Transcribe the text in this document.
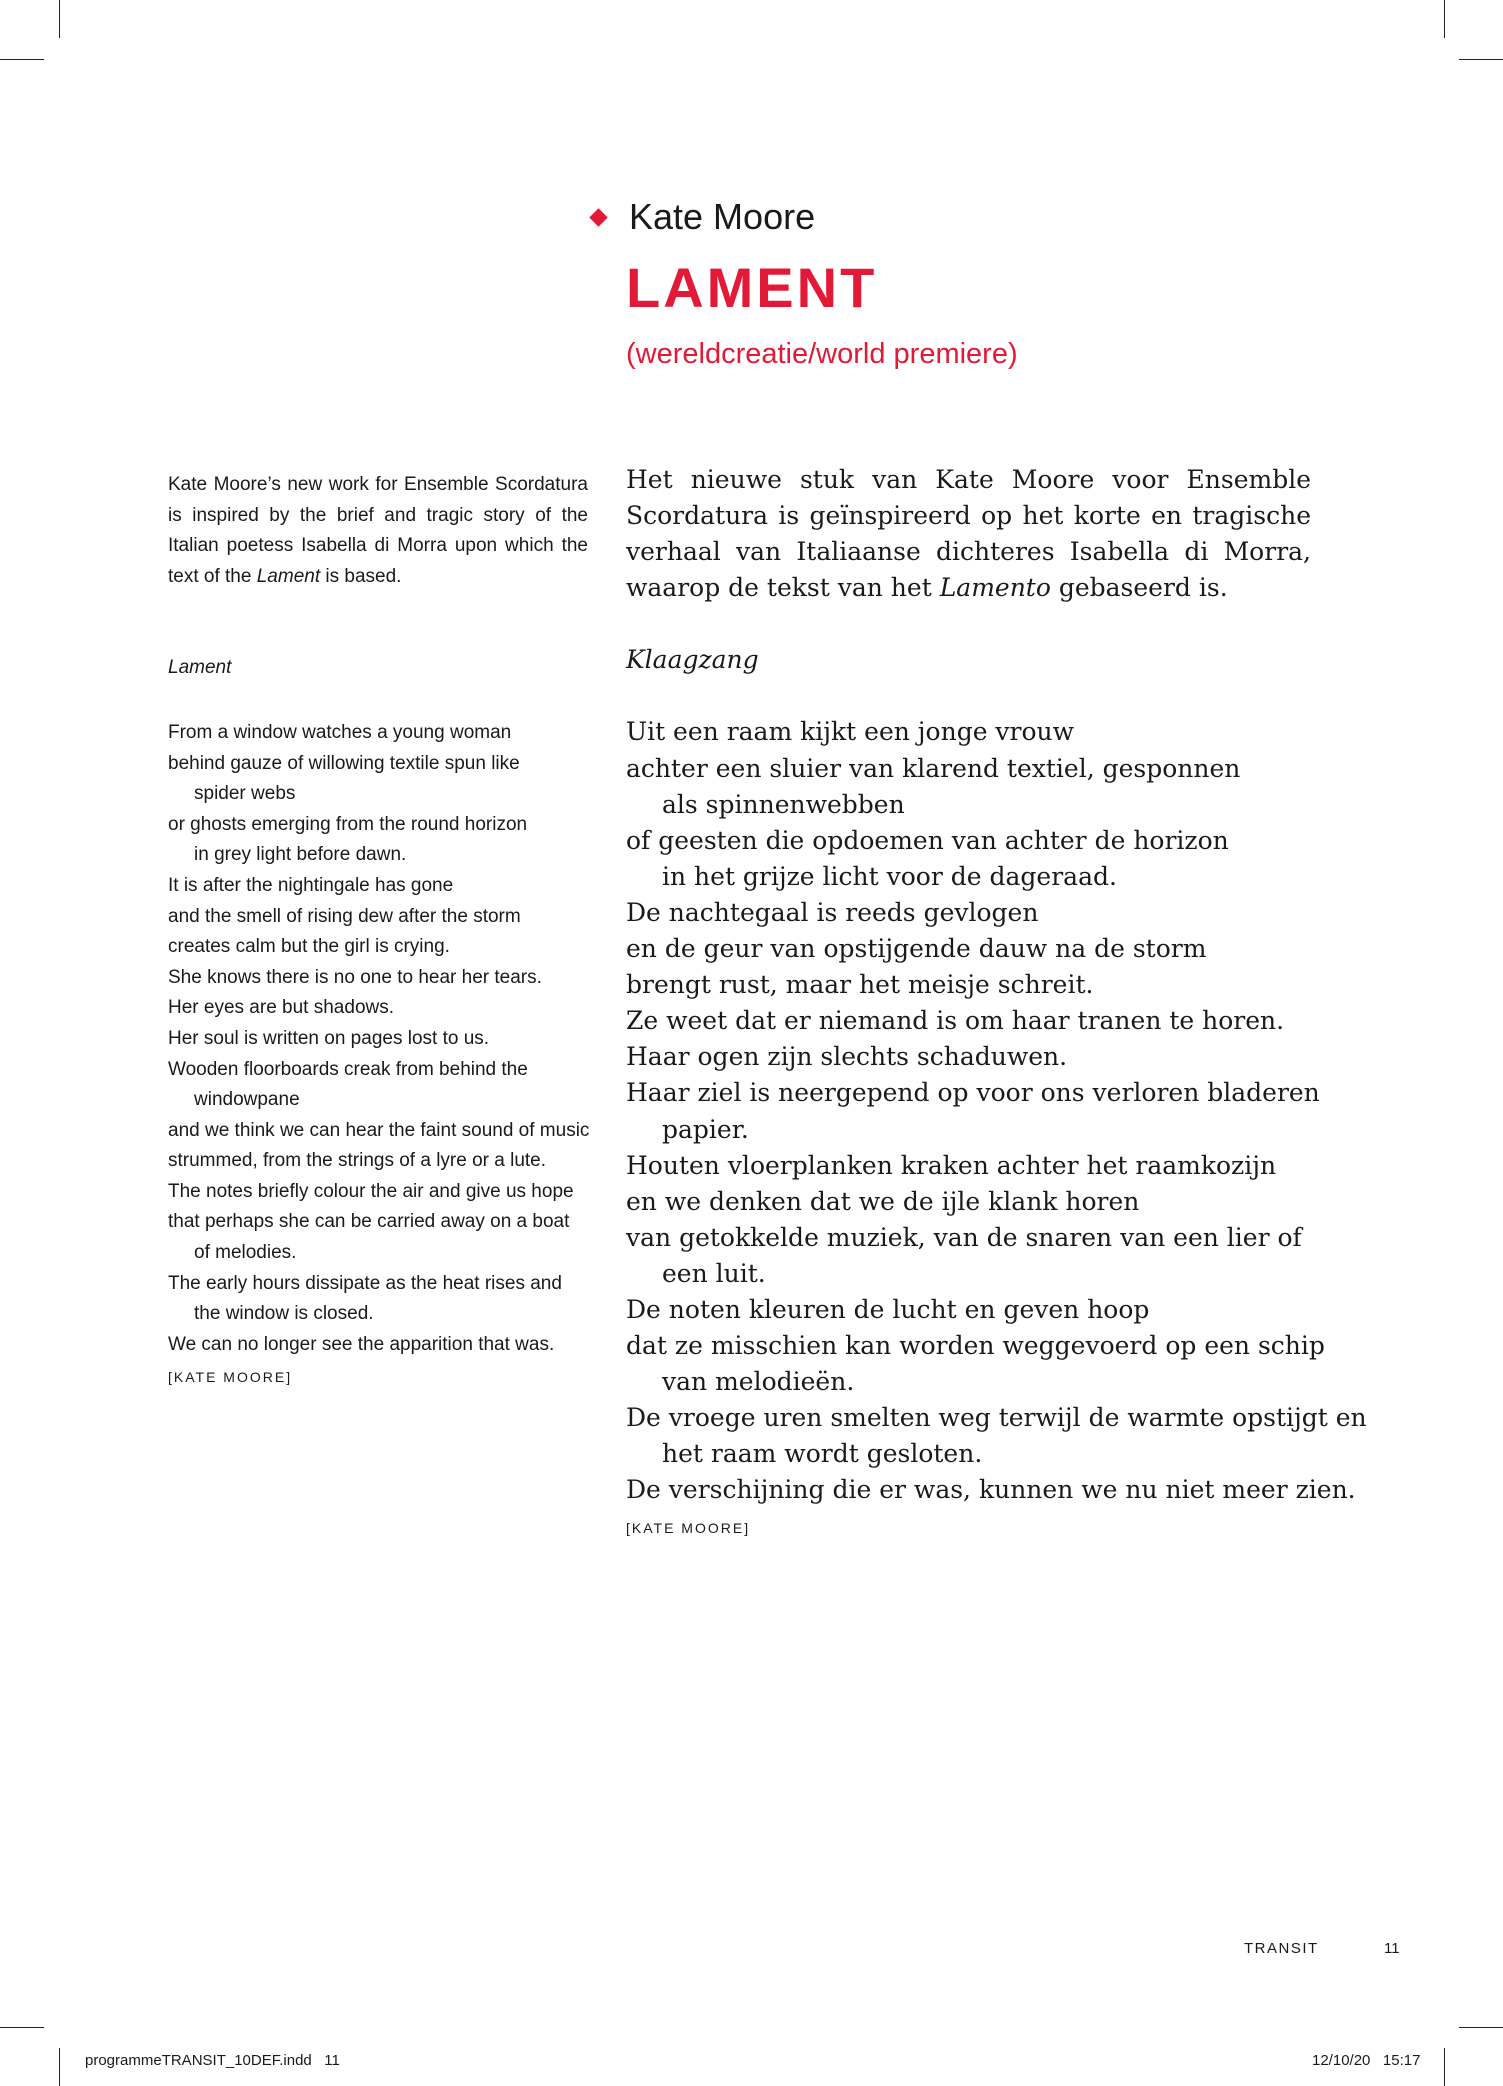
Kate Moore
LAMENT
(wereldcreatie/world premiere)

Kate Moore’s new work for Ensemble Scordatura is inspired by the brief and tragic story of the Italian poetess Isabella di Morra upon which the text of the Lament is based.

Lament
From a window watches a young woman
behind gauze of willowing textile spun like
spider webs
or ghosts emerging from the round horizon
in grey light before dawn.
It is after the nightingale has gone
and the smell of rising dew after the storm
creates calm but the girl is crying.
She knows there is no one to hear her tears.
Her eyes are but shadows.
Her soul is written on pages lost to us.
Wooden floorboards creak from behind the
windowpane
and we think we can hear the faint sound of music
strummed, from the strings of a lyre or a lute.
The notes briefly colour the air and give us hope
that perhaps she can be carried away on a boat
of melodies.
The early hours dissipate as the heat rises and
the window is closed.
We can no longer see the apparition that was.
[KATE MOORE]

Het nieuwe stuk van Kate Moore voor Ensemble Scordatura is geïnspireerd op het korte en tragische verhaal van Italiaanse dichteres Isabella di Morra, waarop de tekst van het Lamento gebaseerd is.

Klaagzang
Uit een raam kijkt een jonge vrouw
achter een sluier van klarend textiel, gesponnen
als spinnenwebben
of geesten die opdoemen van achter de horizon
in het grijze licht voor de dageraad.
De nachtegaal is reeds gevlogen
en de geur van opstijgende dauw na de storm
brengt rust, maar het meisje schreit.
Ze weet dat er niemand is om haar tranen te horen.
Haar ogen zijn slechts schaduwen.
Haar ziel is neergepend op voor ons verloren bladeren
papier.
Houten vloerplanken kraken achter het raamkozijn
en we denken dat we de ijle klank horen
van getokkelde muziek, van de snaren van een lier of
een luit.
De noten kleuren de lucht en geven hoop
dat ze misschien kan worden weggevoerd op een schip
van melodieën.
De vroege uren smelten weg terwijl de warmte opstijgt en
het raam wordt gesloten.
De verschijning die er was, kunnen we nu niet meer zien.
[KATE MOORE]
TRANSIT	11
programmeTRANSIT_10DEF.indd   11	12/10/20   15:17
